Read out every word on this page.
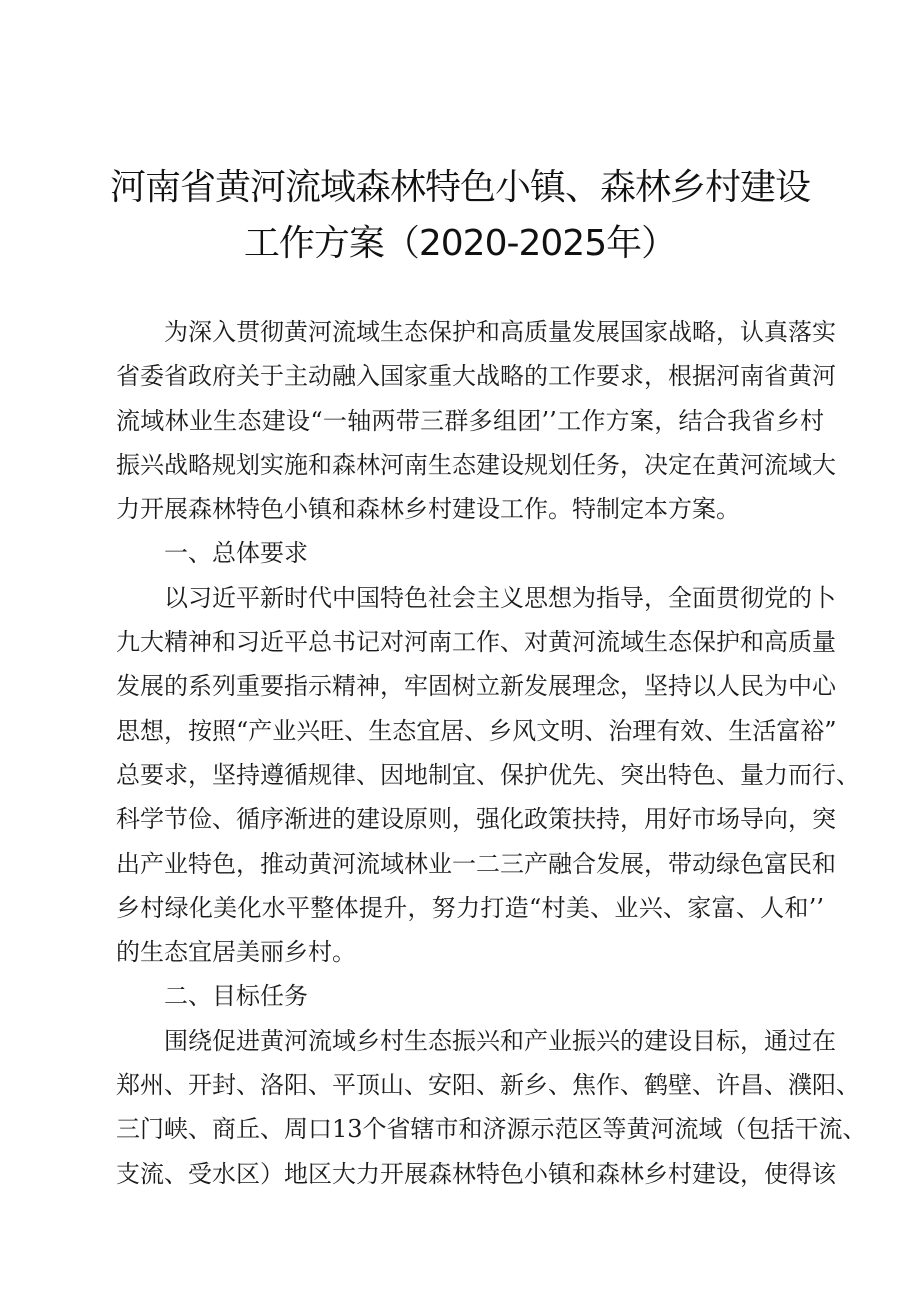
河南省黄河流域森林特色小镇、森林乡村建设
工作方案（2020-2025年）
为深入贯彻黄河流域生态保护和高质量发展国家战略，认真落实
省委省政府关于主动融入国家重大战略的工作要求，根据河南省黄河
流域林业生态建设“一轴两带三群多组团’’工作方案，结合我省乡村
振兴战略规划实施和森林河南生态建设规划任务，决定在黄河流域大
力开展森林特色小镇和森林乡村建设工作。特制定本方案。
一、总体要求
以习近平新时代中国特色社会主义思想为指导，全面贯彻党的卜
九大精神和习近平总书记对河南工作、对黄河流域生态保护和高质量
发展的系列重要指示精神，牢固树立新发展理念，坚持以人民为中心
思想，按照“产业兴旺、生态宜居、乡风文明、治理有效、生活富裕”
总要求，坚持遵循规律、因地制宜、保护优先、突出特色、量力而行、
科学节俭、循序渐进的建设原则，强化政策扶持，用好市场导向，突
出产业特色，推动黄河流域林业一二三产融合发展，带动绿色富民和
乡村绿化美化水平整体提升，努力打造“村美、业兴、家富、人和’’
的生态宜居美丽乡村。
二、目标任务
围绕促进黄河流域乡村生态振兴和产业振兴的建设目标，通过在
郑州、开封、洛阳、平顶山、安阳、新乡、焦作、鹤壁、许昌、濮阳、
三门峡、商丘、周口13个省辖市和济源示范区等黄河流域（包括干流、
支流、受水区）地区大力开展森林特色小镇和森林乡村建设，使得该
